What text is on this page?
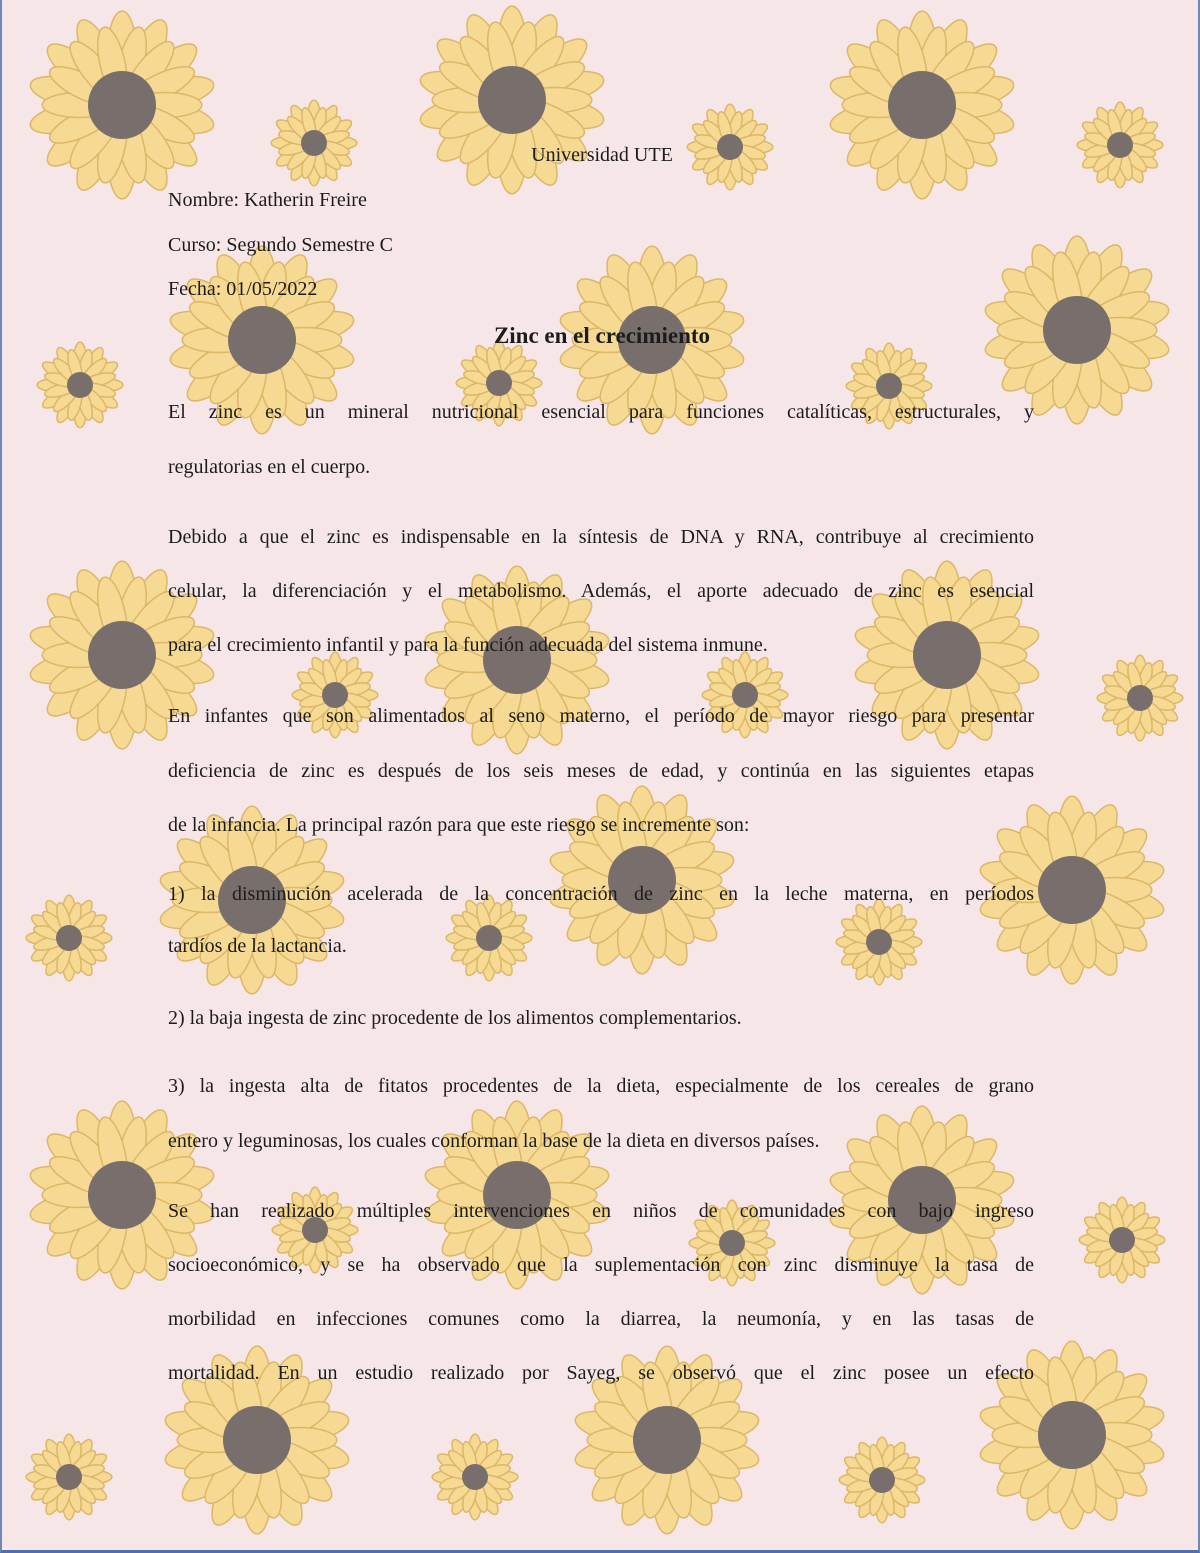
Universidad UTE
Nombre: Katherin Freire
Curso: Segundo Semestre C
Fecha: 01/05/2022
Zinc en el crecimiento
El zinc es un mineral nutricional esencial para funciones catalíticas, estructurales, y
regulatorias en el cuerpo.
Debido a que el zinc es indispensable en la síntesis de DNA y RNA, contribuye al crecimiento
celular, la diferenciación y el metabolismo. Además, el aporte adecuado de zinc es esencial
para el crecimiento infantil y para la función adecuada del sistema inmune.
En infantes que son alimentados al seno materno, el período de mayor riesgo para presentar
deficiencia de zinc es después de los seis meses de edad, y continúa en las siguientes etapas
de la infancia. La principal razón para que este riesgo se incremente son:
1) la disminución acelerada de la concentración de zinc en la leche materna, en períodos
tardíos de la lactancia.
2) la baja ingesta de zinc procedente de los alimentos complementarios.
3) la ingesta alta de fitatos procedentes de la dieta, especialmente de los cereales de grano
entero y leguminosas, los cuales conforman la base de la dieta en diversos países.
Se han realizado múltiples intervenciones en niños de comunidades con bajo ingreso
socioeconómico, y se ha observado que la suplementación con zinc disminuye la tasa de
morbilidad en infecciones comunes como la diarrea, la neumonía, y en las tasas de
mortalidad. En un estudio realizado por Sayeg, se observó que el zinc posee un efecto
